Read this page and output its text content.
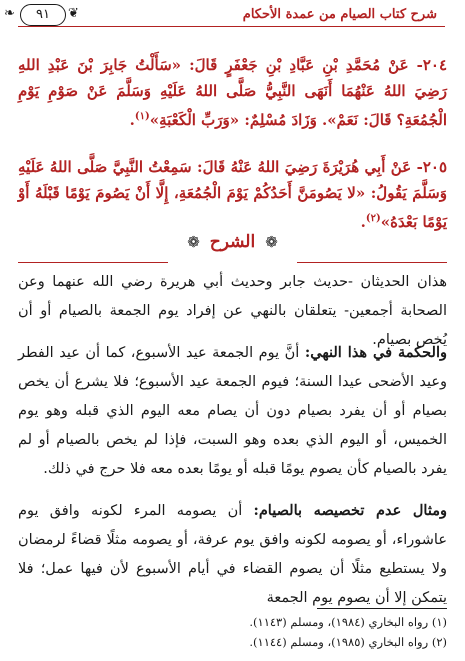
❦
❧	٩١	شرح كتاب الصيام من عمدة الأحكام
٢٠٤- عَنْ مُحَمَّدِ بْنِ عَبَّادِ بْنِ جَعْفَرٍ قَالَ: «سَأَلْتُ جَابِرَ بْنَ عَبْدِ اللهِ رَضِيَ اللهُ عَنْهُمَا أَنَهَى النَّبِيُّ صَلَّى اللهُ عَلَيْهِ وَسَلَّمَ عَنْ صَوْمِ يَوْمِ الْجُمُعَةِ؟ قَالَ: نَعَمْ». وَزَادَ مُسْلِمٌ: «وَرَبِّ الْكَعْبَةِ»$^{(١)}$.
٢٠٥- عَنْ أَبِي هُرَيْرَةَ رَضِيَ اللهُ عَنْهُ قَالَ: سَمِعْتُ النَّبِيَّ صَلَّى اللهُ عَلَيْهِ وَسَلَّمَ يَقُولُ: «لا يَصُومَنَّ أَحَدُكُمْ يَوْمَ الْجُمُعَةِ، إِلَّا أَنْ يَصُومَ يَوْمًا قَبْلَهُ أَوْ يَوْمًا بَعْدَهُ»$^{(٢)}$.
❁الشرح❁
هذان الحديثان -حديث جابر وحديث أبي هريرة رضي الله عنهما وعن الصحابة أجمعين- يتعلقان بالنهي عن إفراد يوم الجمعة بالصيام أو أن يُخص بصيام.
والحكمة في هذا النهي: أنَّ يوم الجمعة عيد الأسبوع، كما أن عيد الفطر وعيد الأضحى عيدا السنة؛ فيوم الجمعة عيد الأسبوع؛ فلا يشرع أن يخص بصيام أو أن يفرد بصيام دون أن يصام معه اليوم الذي قبله وهو يوم الخميس، أو اليوم الذي بعده وهو السبت، فإذا لم يخص بالصيام أو لم يفرد بالصيام كأن يصوم يومًا قبله أو يومًا بعده معه فلا حرج في ذلك.
ومثال عدم تخصيصه بالصيام: أن يصومه المرء لكونه وافق يوم عاشوراء، أو يصومه لكونه وافق يوم عرفة، أو يصومه مثلًا قضاءً لرمضان ولا يستطيع مثلًا أن يصوم القضاء في أيام الأسبوع لأن فيها عمل؛ فلا يتمكن إلا أن يصوم يوم الجمعة
(١) رواه البخاري (١٩٨٤)، ومسلم (١١٤٣).
(٢) رواه البخاري (١٩٨٥)، ومسلم (١١٤٤).
